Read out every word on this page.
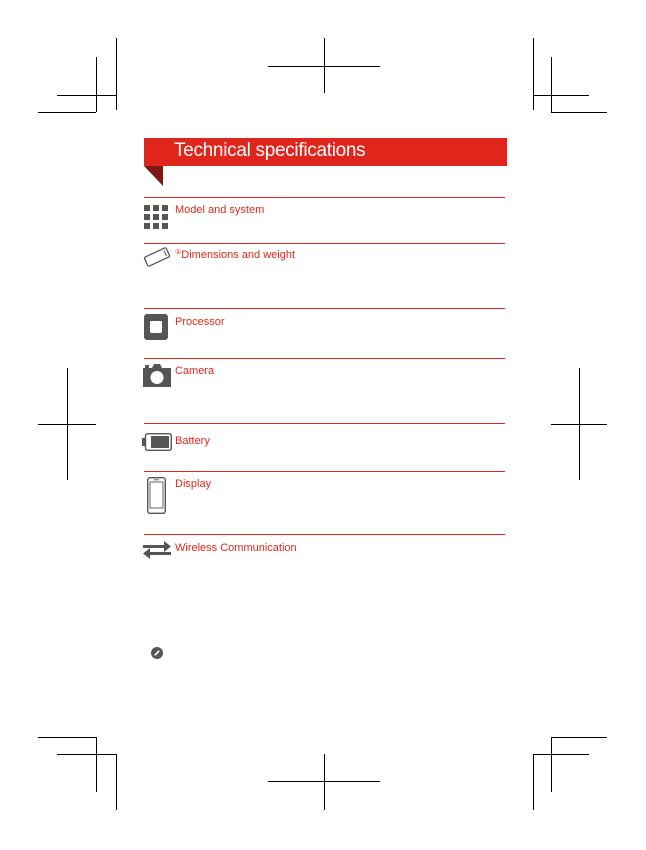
Technical specifications
Model and system
①Dimensions and weight
Processor
Camera
Battery
Display
Wireless Communication
